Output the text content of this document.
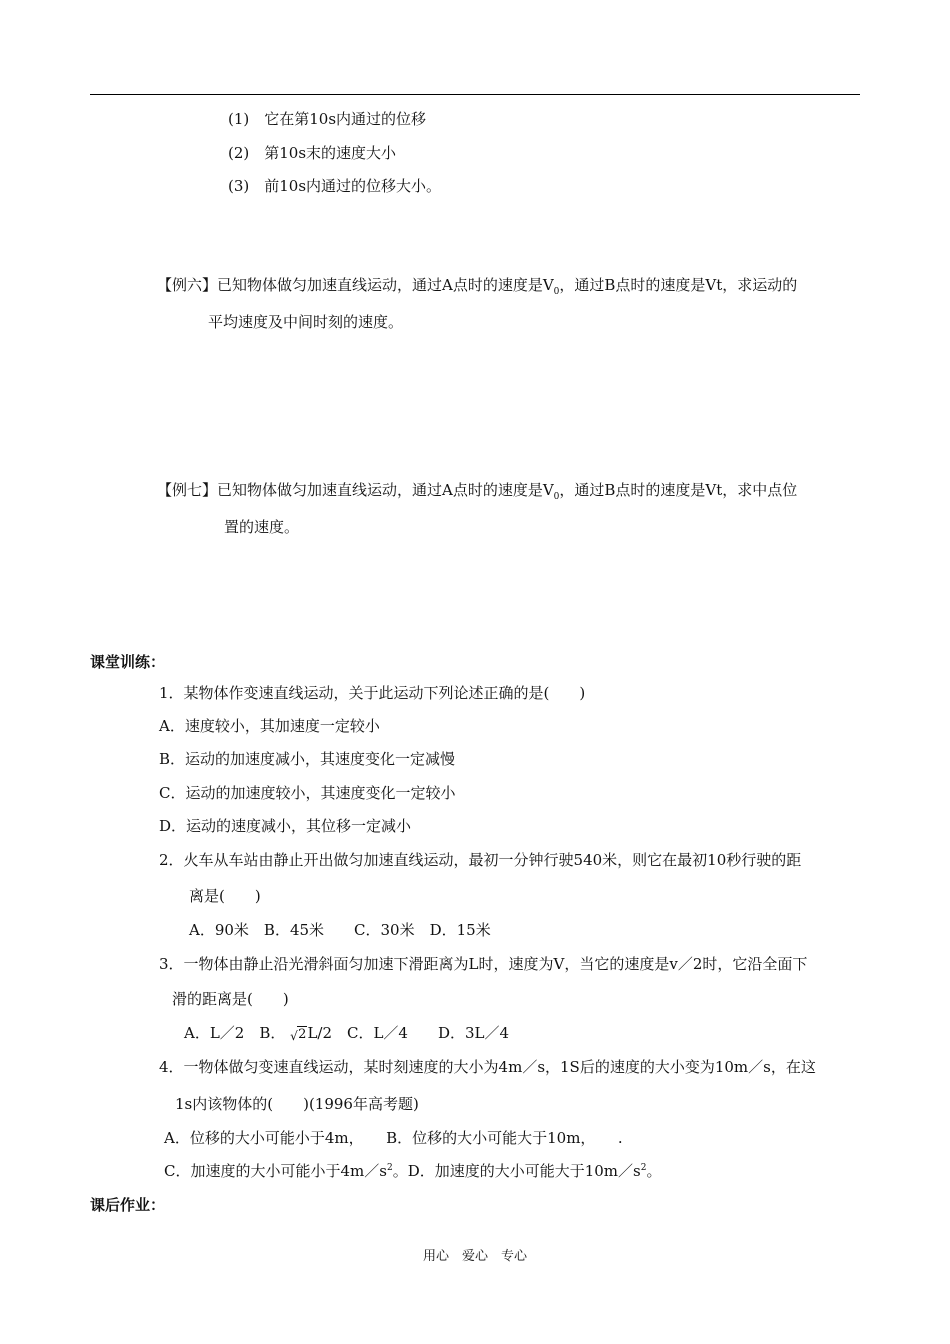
(1)　它在第10s内通过的位移
(2)　第10s末的速度大小
(3)　前10s内通过的位移大小。
【例六】已知物体做匀加速直线运动，通过A点时的速度是$V_0$，通过B点时的速度是Vt，求运动的
平均速度及中间时刻的速度。
【例七】已知物体做匀加速直线运动，通过A点时的速度是$V_0$，通过B点时的速度是Vt，求中点位
置的速度。
课堂训练：
1．某物体作变速直线运动，关于此运动下列论述正确的是(　　)
A．速度较小，其加速度一定较小
B．运动的加速度减小，其速度变化一定减慢
C．运动的加速度较小，其速度变化一定较小
D．运动的速度减小，其位移一定减小
2．火车从车站由静止开出做匀加速直线运动，最初一分钟行驶540米，则它在最初10秒行驶的距
离是(　　)
A．90米　B．45米　　C．30米　D．15米
3．一物体由静止沿光滑斜面匀加速下滑距离为L时，速度为V，当它的速度是v／2时，它沿全面下
滑的距离是(　　)
A．L／2　B． √ 2L/2　C．L／4　　D．3L／4
4．一物体做匀变速直线运动，某时刻速度的大小为4m／s，1S后的速度的大小变为10m／s，在这
1s内该物体的(　　)(1996年高考题)
A．位移的大小可能小于4m，　　B．位移的大小可能大于10m，　　.
C．加速度的大小可能小于$4m/s^2$。D．加速度的大小可能大于$10m/s^2$。
课后作业：
用心　爱心　专心
